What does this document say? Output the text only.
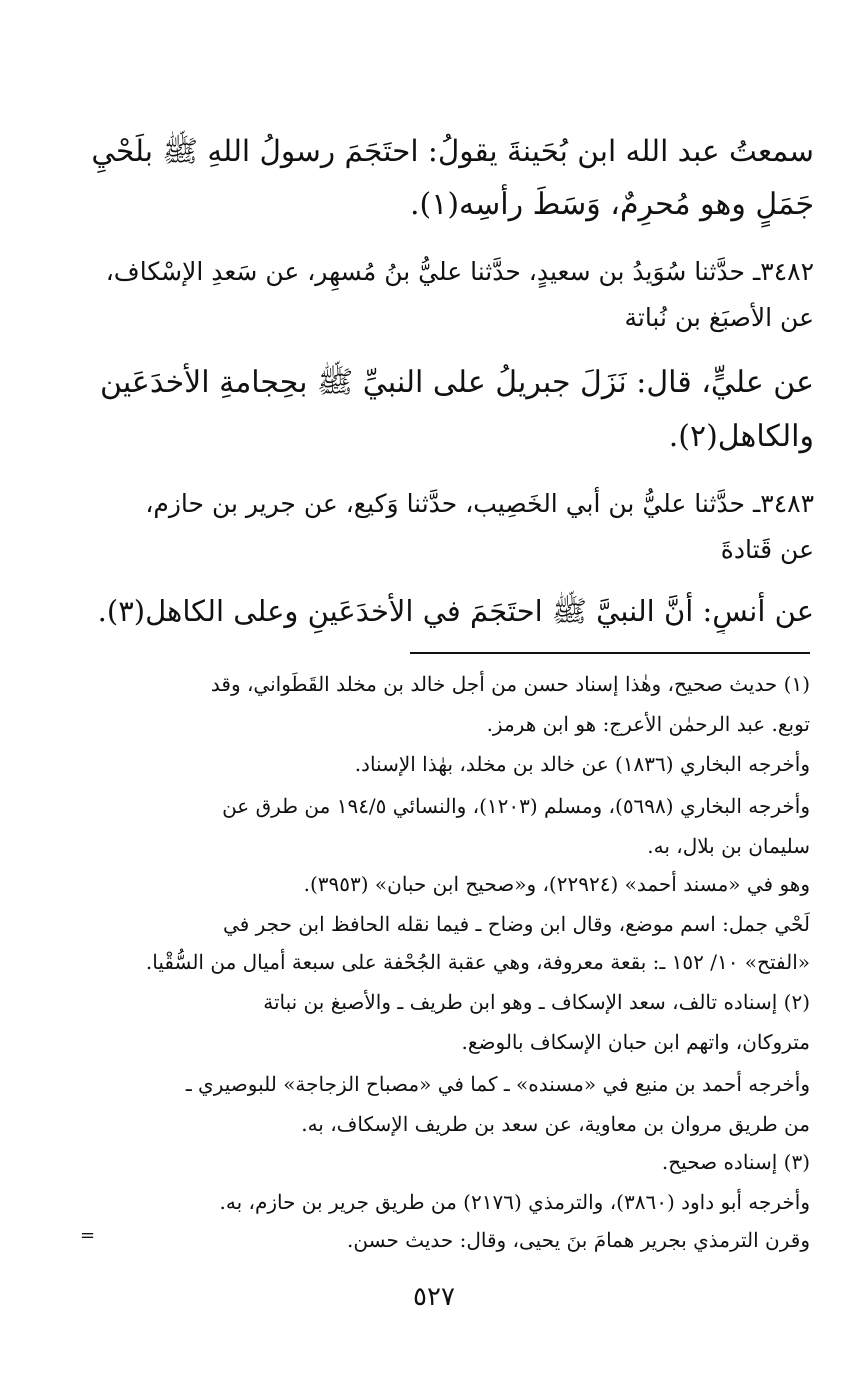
سمعتُ عبد الله ابن بُحَينةَ يقولُ: احتَجَمَ رسولُ اللهِ ﷺ بلَحْيِ
جَمَلٍ وهو مُحرِمٌ، وَسَطَ رأسِه(١).
٣٤٨٢ـ حدَّثنا سُوَيدُ بن سعيدٍ، حدَّثنا عليُّ بنُ مُسهِر، عن سَعدِ الإسْكاف،
عن الأصبَغ بن نُباتة
عن عليٍّ، قال: نَزَلَ جبريلُ على النبيِّ ﷺ بحِجامةِ الأخدَعَين
والكاهل(٢).
٣٤٨٣ـ حدَّثنا عليُّ بن أبي الخَصِيب، حدَّثنا وَكيع، عن جرير بن حازم،
عن قَتادةَ
عن أنسٍ: أنَّ النبيَّ ﷺ احتَجَمَ في الأخدَعَينِ وعلى الكاهل(٣).
(١) حديث صحيح، وهٰذا إسناد حسن من أجل خالد بن مخلد القَطَواني، وقد
توبع. عبد الرحمٰن الأعرج: هو ابن هرمز.
وأخرجه البخاري (١٨٣٦) عن خالد بن مخلد، بهٰذا الإسناد.
وأخرجه البخاري (٥٦٩٨)، ومسلم (١٢٠٣)، والنسائي ١٩٤/٥ من طرق عن
سليمان بن بلال، به.
وهو في «مسند أحمد» (٢٢٩٢٤)، و«صحيح ابن حبان» (٣٩٥٣).
لَحْي جمل: اسم موضع، وقال ابن وضاح ـ فيما نقله الحافظ ابن حجر في
«الفتح» ١٠/ ١٥٢ ـ: بقعة معروفة، وهي عقبة الجُحْفة على سبعة أميال من السُّقْيا.
(٢) إسناده تالف، سعد الإسكاف ـ وهو ابن طريف ـ والأصبغ بن نباتة
متروكان، واتهم ابن حبان الإسكاف بالوضع.
وأخرجه أحمد بن منيع في «مسنده» ـ كما في «مصباح الزجاجة» للبوصيري ـ
من طريق مروان بن معاوية، عن سعد بن طريف الإسكاف، به.
(٣) إسناده صحيح.
وأخرجه أبو داود (٣٨٦٠)، والترمذي (٢١٧٦) من طريق جرير بن حازم، به.
وقرن الترمذي بجرير همامَ بنَ يحيى، وقال: حديث حسن.
=
٥٢٧
